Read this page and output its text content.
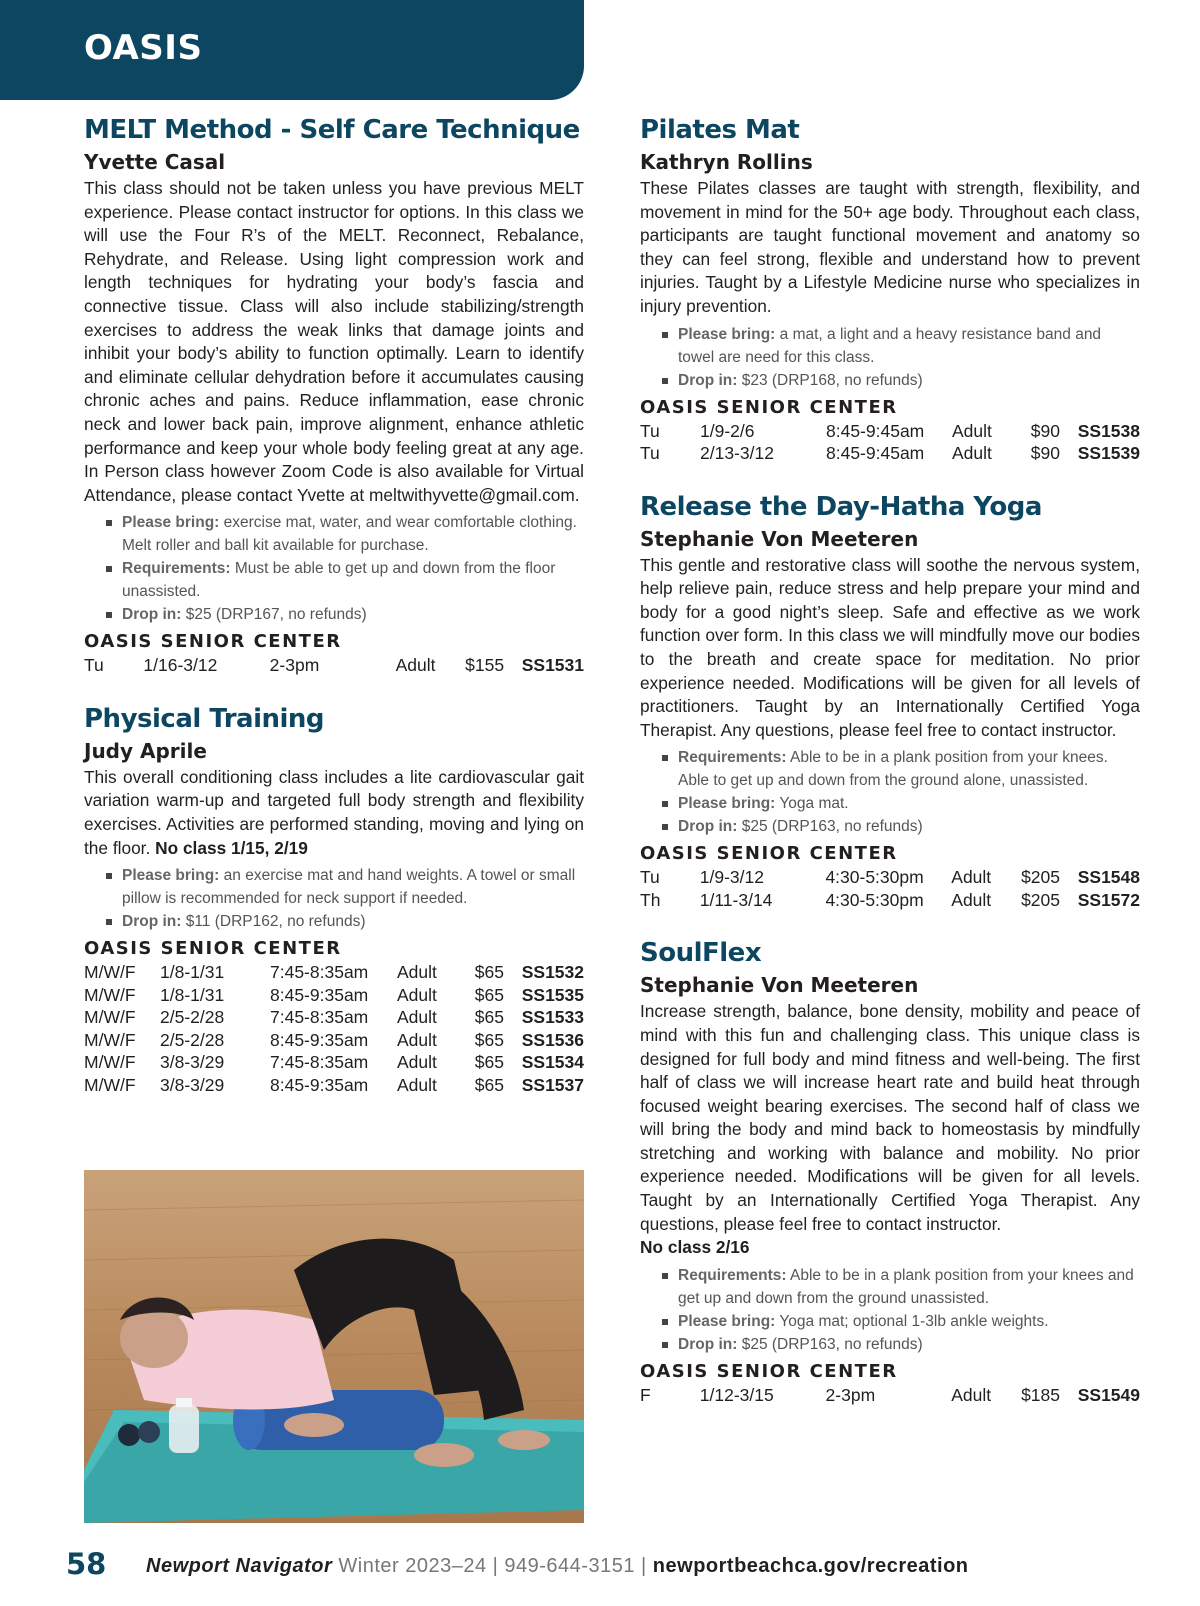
OASIS
MELT Method - Self Care Technique
Yvette Casal

This class should not be taken unless you have previous MELT experience. Please contact instructor for options. In this class we will use the Four R’s of the MELT. Reconnect, Rebalance, Rehydrate, and Release. Using light compression work and length techniques for hydrating your body’s fascia and connective tissue. Class will also include stabilizing/strength exercises to address the weak links that damage joints and inhibit your body’s ability to function optimally. Learn to identify and eliminate cellular dehydration before it accumulates causing chronic aches and pains. Reduce inflammation, ease chronic neck and lower back pain, improve alignment, enhance athletic performance and keep your whole body feeling great at any age. In Person class however Zoom Code is also available for Virtual Attendance, please contact Yvette at meltwithyvette@gmail.com.

Please bring: exercise mat, water, and wear comfortable clothing. Melt roller and ball kit available for purchase.
Requirements: Must be able to get up and down from the floor unassisted.
Drop in: $25 (DRP167, no refunds)
OASIS SENIOR CENTER
Tu	1/16-3/12	2-3pm	Adult	$155	SS1531
Physical Training
Judy Aprile

This overall conditioning class includes a lite cardiovascular gait variation warm-up and targeted full body strength and flexibility exercises. Activities are performed standing, moving and lying on the floor. No class 1/15, 2/19

Please bring: an exercise mat and hand weights. A towel or small pillow is recommended for neck support if needed.
Drop in: $11 (DRP162, no refunds)
OASIS SENIOR CENTER
M/W/F	1/8-1/31	7:45-8:35am	Adult	$65	SS1532
M/W/F	1/8-1/31	8:45-9:35am	Adult	$65	SS1535
M/W/F	2/5-2/28	7:45-8:35am	Adult	$65	SS1533
M/W/F	2/5-2/28	8:45-9:35am	Adult	$65	SS1536
M/W/F	3/8-3/29	7:45-8:35am	Adult	$65	SS1534
M/W/F	3/8-3/29	8:45-9:35am	Adult	$65	SS1537
Pilates Mat
Kathryn Rollins

These Pilates classes are taught with strength, flexibility, and movement in mind for the 50+ age body. Throughout each class, participants are taught functional movement and anatomy so they can feel strong, flexible and understand how to prevent injuries. Taught by a Lifestyle Medicine nurse who specializes in injury prevention.

Please bring: a mat, a light and a heavy resistance band and towel are need for this class.
Drop in: $23 (DRP168, no refunds)
OASIS SENIOR CENTER
Tu	1/9-2/6	8:45-9:45am	Adult	$90	SS1538
Tu	2/13-3/12	8:45-9:45am	Adult	$90	SS1539
Release the Day-Hatha Yoga
Stephanie Von Meeteren

This gentle and restorative class will soothe the nervous system, help relieve pain, reduce stress and help prepare your mind and body for a good night’s sleep. Safe and effective as we work function over form. In this class we will mindfully move our bodies to the breath and create space for meditation. No prior experience needed. Modifications will be given for all levels of practitioners. Taught by an Internationally Certified Yoga Therapist. Any questions, please feel free to contact instructor.

Requirements: Able to be in a plank position from your knees. Able to get up and down from the ground alone, unassisted.
Please bring: Yoga mat.
Drop in: $25 (DRP163, no refunds)
OASIS SENIOR CENTER
Tu	1/9-3/12	4:30-5:30pm	Adult	$205	SS1548
Th	1/11-3/14	4:30-5:30pm	Adult	$205	SS1572
SoulFlex
Stephanie Von Meeteren

Increase strength, balance, bone density, mobility and peace of mind with this fun and challenging class. This unique class is designed for full body and mind fitness and well-being. The first half of class we will increase heart rate and build heat through focused weight bearing exercises. The second half of class we will bring the body and mind back to homeostasis by mindfully stretching and working with balance and mobility. No prior experience needed. Modifications will be given for all levels. Taught by an Internationally Certified Yoga Therapist. Any questions, please feel free to contact instructor.

No class 2/16

Requirements: Able to be in a plank position from your knees and get up and down from the ground unassisted.
Please bring: Yoga mat; optional 1-3lb ankle weights.
Drop in: $25 (DRP163, no refunds)
OASIS SENIOR CENTER
F	1/12-3/15	2-3pm	Adult	$185	SS1549
58 Newport Navigator Winter 2023–24 | 949-644-3151 | newportbeachca.gov/recreation
